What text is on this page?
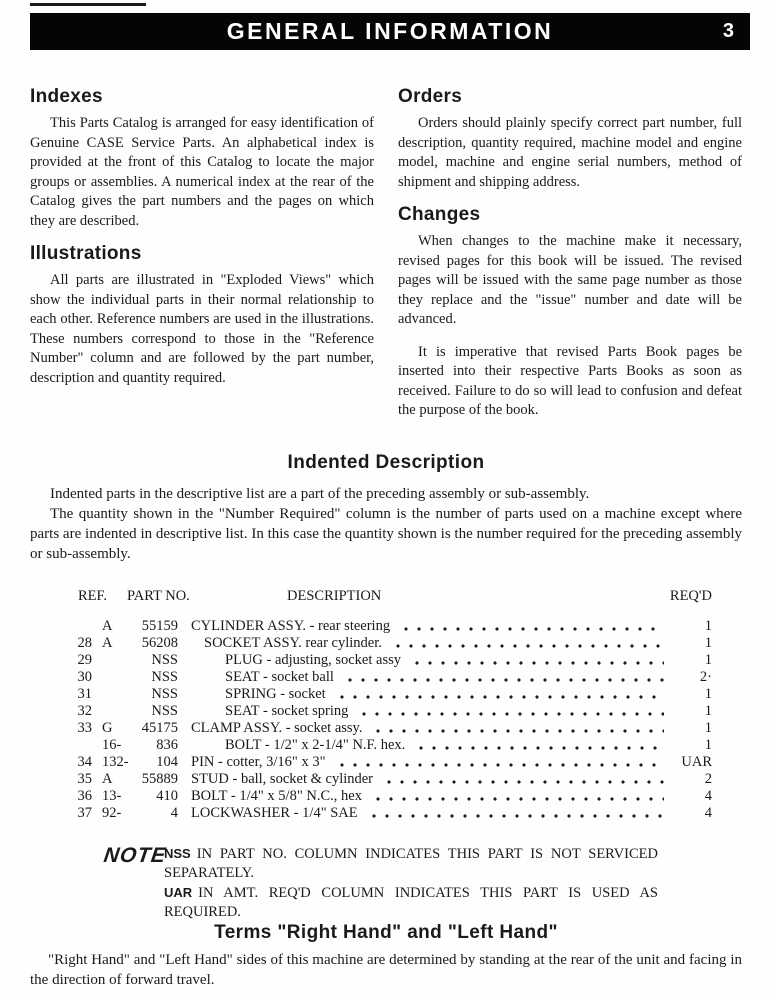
GENERAL INFORMATION	3
Indexes

This Parts Catalog is arranged for easy identification of Genuine CASE Service Parts. An alphabetical index is provided at the front of this Catalog to locate the major groups or assemblies. A numerical index at the rear of the Catalog gives the part numbers and the pages on which they are described.

Illustrations

All parts are illustrated in "Exploded Views" which show the individual parts in their normal relationship to each other. Reference numbers are used in the illustrations. These numbers correspond to those in the "Reference Number" column and are followed by the part number, description and quantity required.

Orders

Orders should plainly specify correct part number, full description, quantity required, machine model and engine model, machine and engine serial numbers, method of shipment and shipping address.

Changes

When changes to the machine make it necessary, revised pages for this book will be issued. The revised pages will be issued with the same page number as those they replace and the "issue" number and date will be advanced.

It is imperative that revised Parts Book pages be inserted into their respective Parts Books as soon as received. Failure to do so will lead to confusion and defeat the purpose of the book.

Indented Description

Indented parts in the descriptive list are a part of the preceding assembly or sub-assembly.

The quantity shown in the "Number Required" column is the number of parts used on a machine except where parts are indented in descriptive list. In this case the quantity shown is the number required for the preceding assembly or sub-assembly.

REF.	PART NO.	DESCRIPTION	REQ'D
A	55159 CYLINDER ASSY. - rear steering	1
28 A	56208	SOCKET ASSY. rear cylinder.	1
29	NSS	PLUG - adjusting, socket assy	1
30	NSS	SEAT - socket ball	2·
31	NSS	SPRING - socket	1
32	NSS	SEAT - socket spring	1
33 G	45175 CLAMP ASSY. - socket assy.	1
16-	836	BOLT - 1/2" x 2-1/4" N.F. hex.	1
34 132-	104 PIN - cotter, 3/16" x 3"	UAR
35 A	55889 STUD - ball, socket & cylinder	2
36 13-	410 BOLT - 1/4" x 5/8" N.C., hex	4
37 92-	4 LOCKWASHER - 1/4" SAE	4
NOTE

NSS IN PART NO. COLUMN INDICATES THIS PART IS NOT SERVICED SEPARATELY.

UAR IN AMT. REQ'D COLUMN INDICATES THIS PART IS USED AS REQUIRED.

Terms "Right Hand" and "Left Hand"

"Right Hand" and "Left Hand" sides of this machine are determined by standing at the rear of the unit and facing in the direction of forward travel.
